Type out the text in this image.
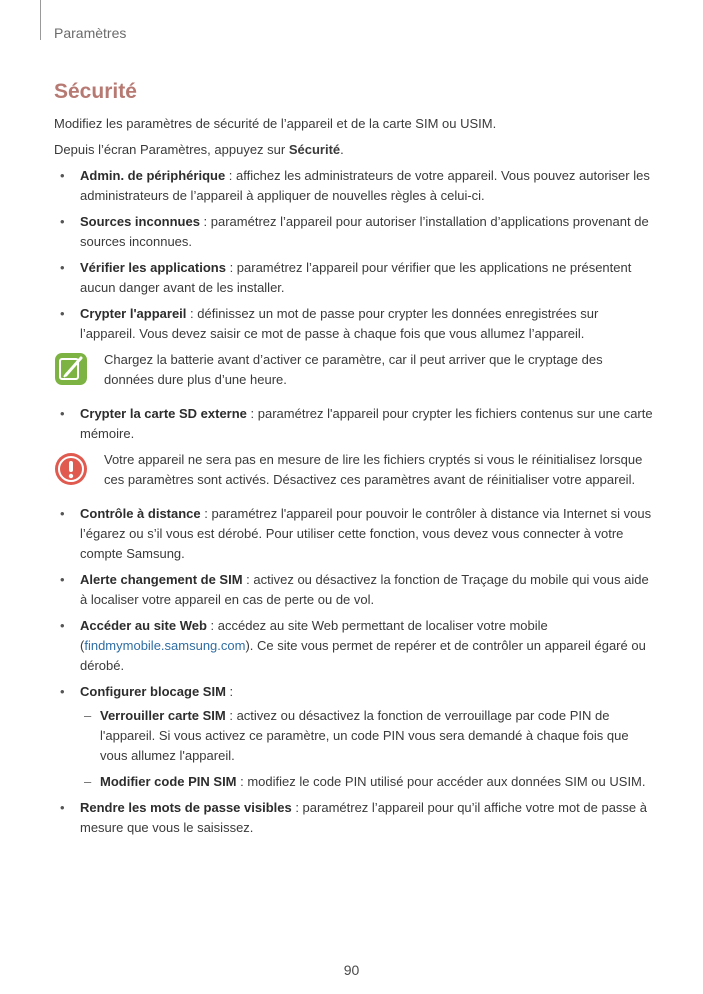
Paramètres
Sécurité

Modifiez les paramètres de sécurité de l’appareil et de la carte SIM ou USIM.

Depuis l’écran Paramètres, appuyez sur Sécurité.

• Admin. de périphérique : affichez les administrateurs de votre appareil. Vous pouvez autoriser les administrateurs de l’appareil à appliquer de nouvelles règles à celui-ci.
• Sources inconnues : paramétrez l’appareil pour autoriser l’installation d’applications provenant de sources inconnues.
• Vérifier les applications : paramétrez l’appareil pour vérifier que les applications ne présentent aucun danger avant de les installer.
• Crypter l'appareil : définissez un mot de passe pour crypter les données enregistrées sur l’appareil. Vous devez saisir ce mot de passe à chaque fois que vous allumez l’appareil.
Chargez la batterie avant d’activer ce paramètre, car il peut arriver que le cryptage des données dure plus d’une heure.
• Crypter la carte SD externe : paramétrez l'appareil pour crypter les fichiers contenus sur une carte mémoire.
Votre appareil ne sera pas en mesure de lire les fichiers cryptés si vous le réinitialisez lorsque ces paramètres sont activés. Désactivez ces paramètres avant de réinitialiser votre appareil.
• Contrôle à distance : paramétrez l'appareil pour pouvoir le contrôler à distance via Internet si vous l’égarez ou s’il vous est dérobé. Pour utiliser cette fonction, vous devez vous connecter à votre compte Samsung.
• Alerte changement de SIM : activez ou désactivez la fonction de Traçage du mobile qui vous aide à localiser votre appareil en cas de perte ou de vol.
• Accéder au site Web : accédez au site Web permettant de localiser votre mobile (findmymobile.samsung.com). Ce site vous permet de repérer et de contrôler un appareil égaré ou dérobé.
• Configurer blocage SIM :
– Verrouiller carte SIM : activez ou désactivez la fonction de verrouillage par code PIN de l'appareil. Si vous activez ce paramètre, un code PIN vous sera demandé à chaque fois que vous allumez l'appareil.
– Modifier code PIN SIM : modifiez le code PIN utilisé pour accéder aux données SIM ou USIM.
• Rendre les mots de passe visibles : paramétrez l’appareil pour qu’il affiche votre mot de passe à mesure que vous le saisissez.
90
